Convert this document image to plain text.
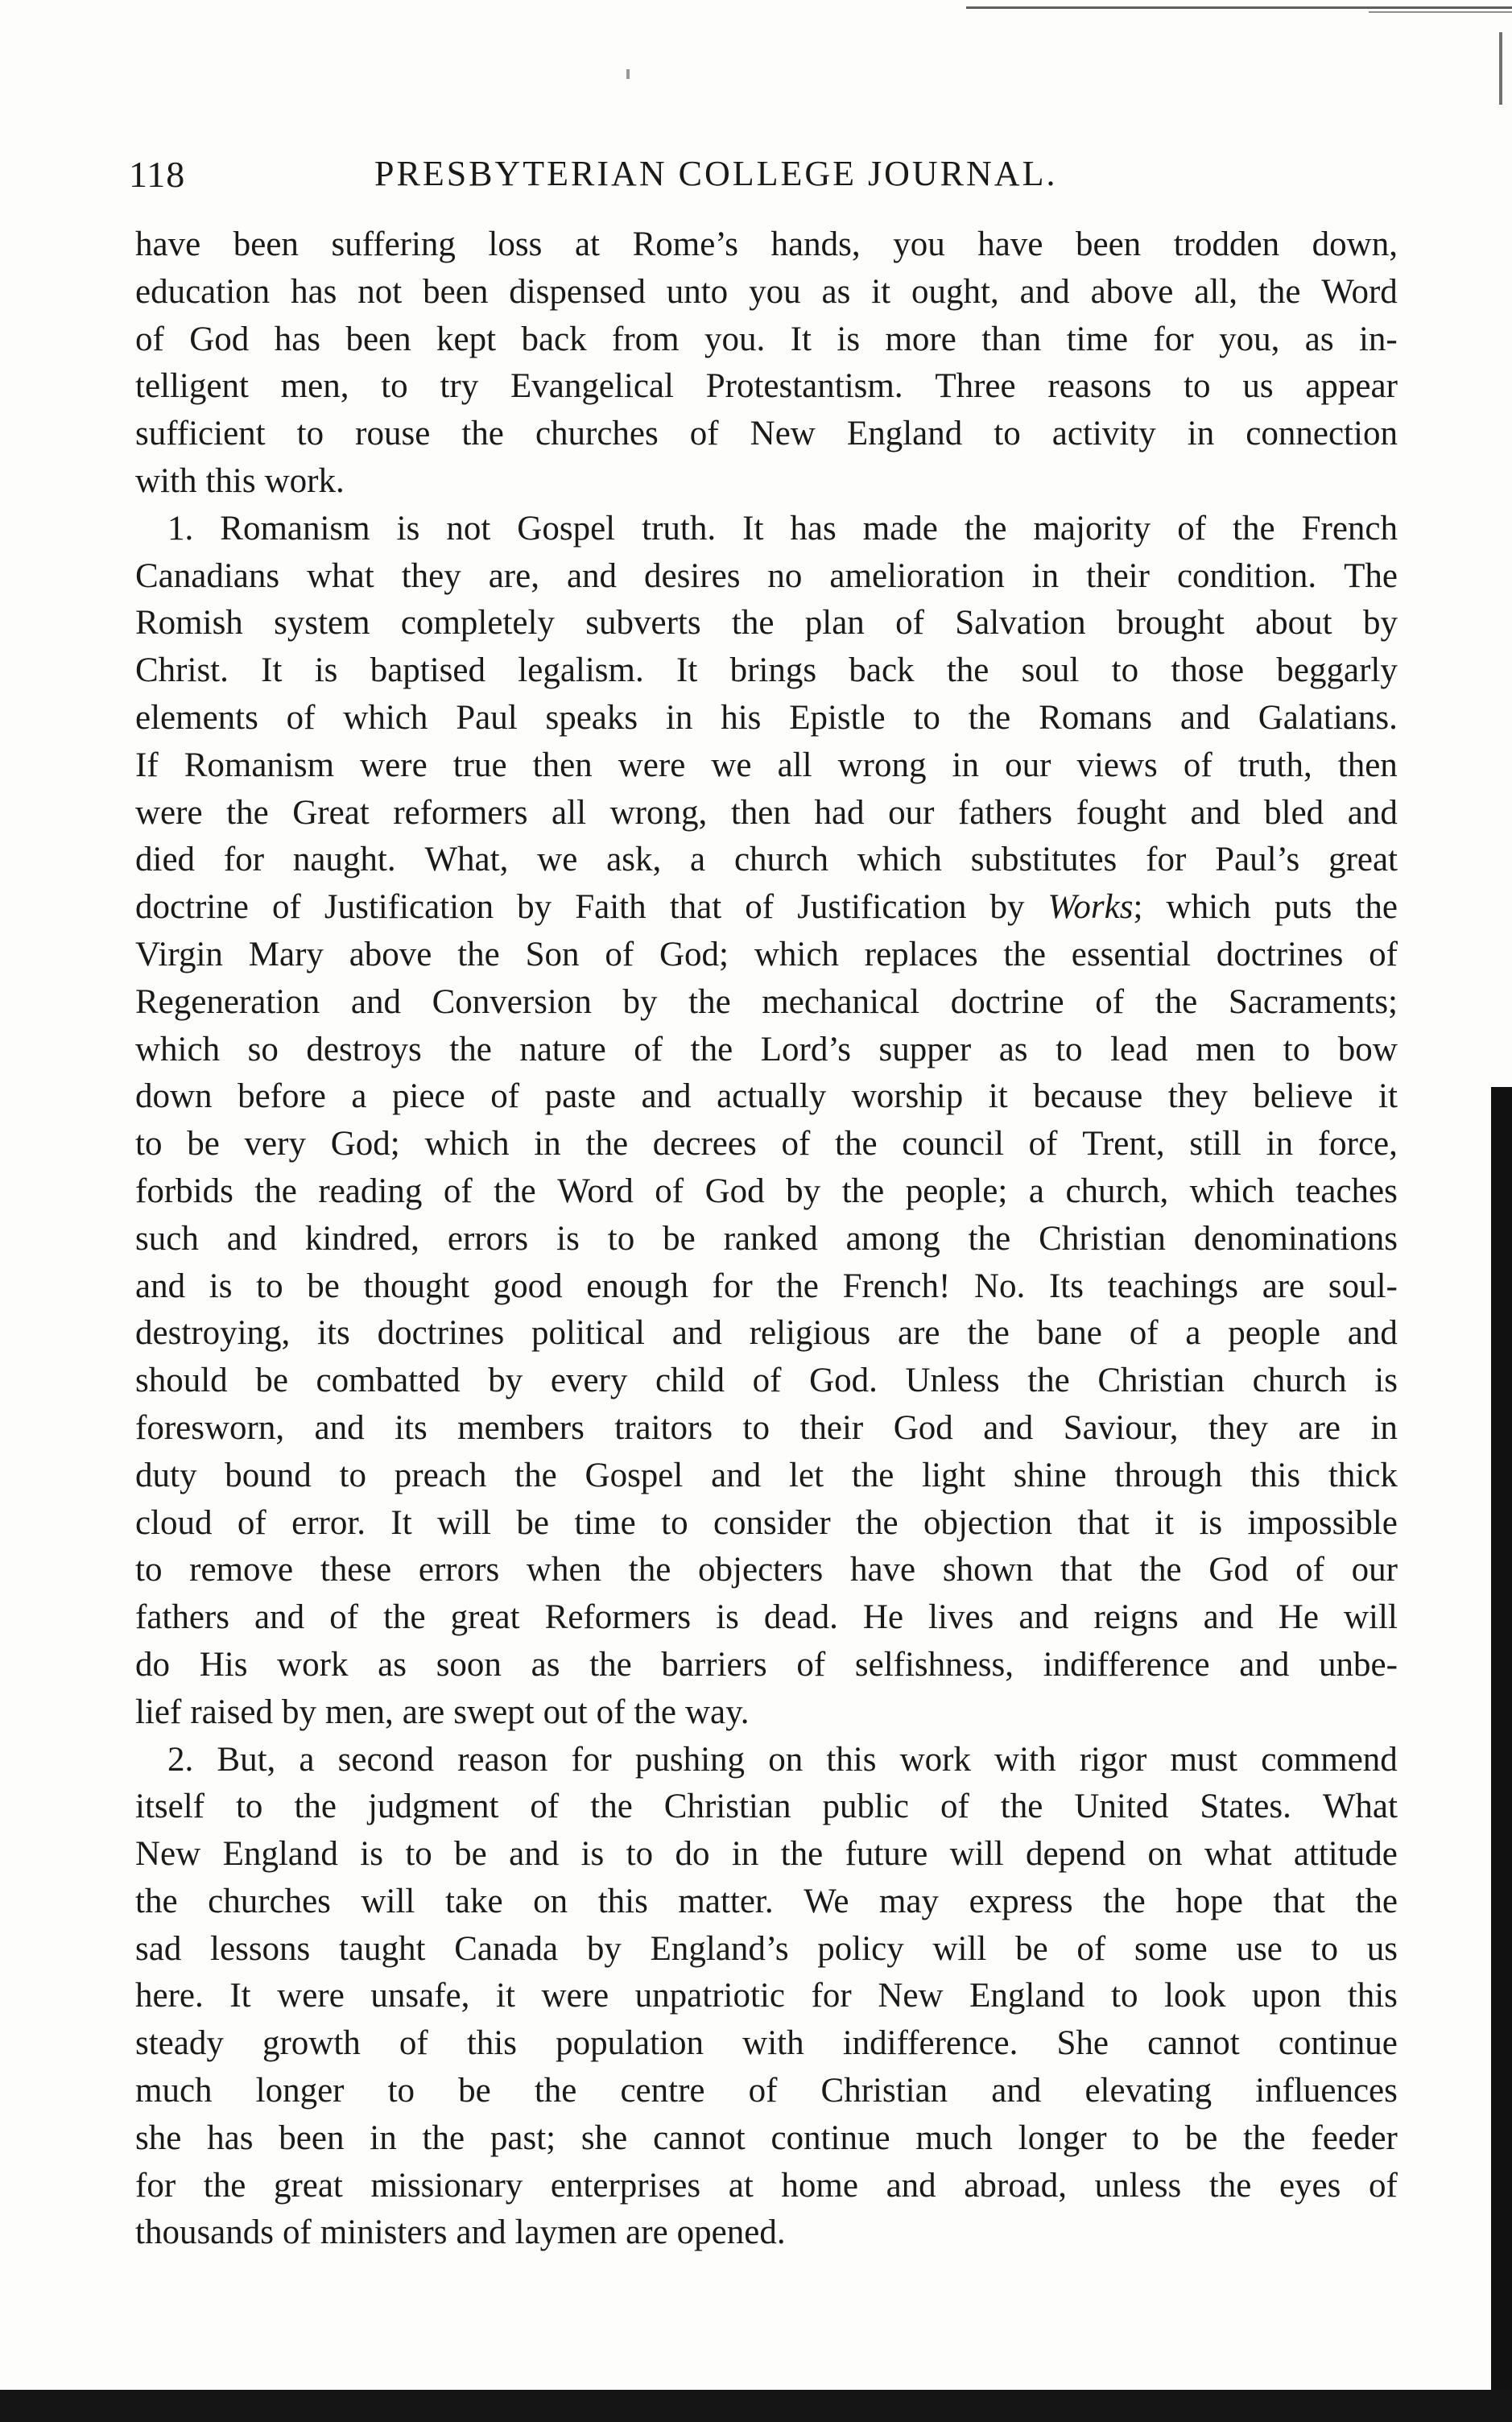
118	PRESBYTERIAN COLLEGE JOURNAL.
have been suffering loss at Rome’s hands, you have been trodden down,
education has not been dispensed unto you as it ought, and above all, the Word
of God has been kept back from you. It is more than time for you, as in-
telligent men, to try Evangelical Protestantism. Three reasons to us appear
sufficient to rouse the churches of New England to activity in connection
with this work.
1. Romanism is not Gospel truth. It has made the majority of the French
Canadians what they are, and desires no amelioration in their condition. The
Romish system completely subverts the plan of Salvation brought about by
Christ. It is baptised legalism. It brings back the soul to those beggarly
elements of which Paul speaks in his Epistle to the Romans and Galatians.
If Romanism were true then were we all wrong in our views of truth, then
were the Great reformers all wrong, then had our fathers fought and bled and
died for naught. What, we ask, a church which substitutes for Paul’s great
doctrine of Justification by Faith that of Justification by Works; which puts the
Virgin Mary above the Son of God; which replaces the essential doctrines of
Regeneration and Conversion by the mechanical doctrine of the Sacraments;
which so destroys the nature of the Lord’s supper as to lead men to bow
down before a piece of paste and actually worship it because they believe it
to be very God; which in the decrees of the council of Trent, still in force,
forbids the reading of the Word of God by the people; a church, which teaches
such and kindred, errors is to be ranked among the Christian denominations
and is to be thought good enough for the French! No. Its teachings are soul-
destroying, its doctrines political and religious are the bane of a people and
should be combatted by every child of God. Unless the Christian church is
foresworn, and its members traitors to their God and Saviour, they are in
duty bound to preach the Gospel and let the light shine through this thick
cloud of error. It will be time to consider the objection that it is impossible
to remove these errors when the objecters have shown that the God of our
fathers and of the great Reformers is dead. He lives and reigns and He will
do His work as soon as the barriers of selfishness, indifference and unbe-
lief raised by men, are swept out of the way.
2. But, a second reason for pushing on this work with rigor must commend
itself to the judgment of the Christian public of the United States. What
New England is to be and is to do in the future will depend on what attitude
the churches will take on this matter. We may express the hope that the
sad lessons taught Canada by England’s policy will be of some use to us
here. It were unsafe, it were unpatriotic for New England to look upon this
steady growth of this population with indifference. She cannot continue
much longer to be the centre of Christian and elevating influences
she has been in the past; she cannot continue much longer to be the feeder
for the great missionary enterprises at home and abroad, unless the eyes of
thousands of ministers and laymen are opened.
